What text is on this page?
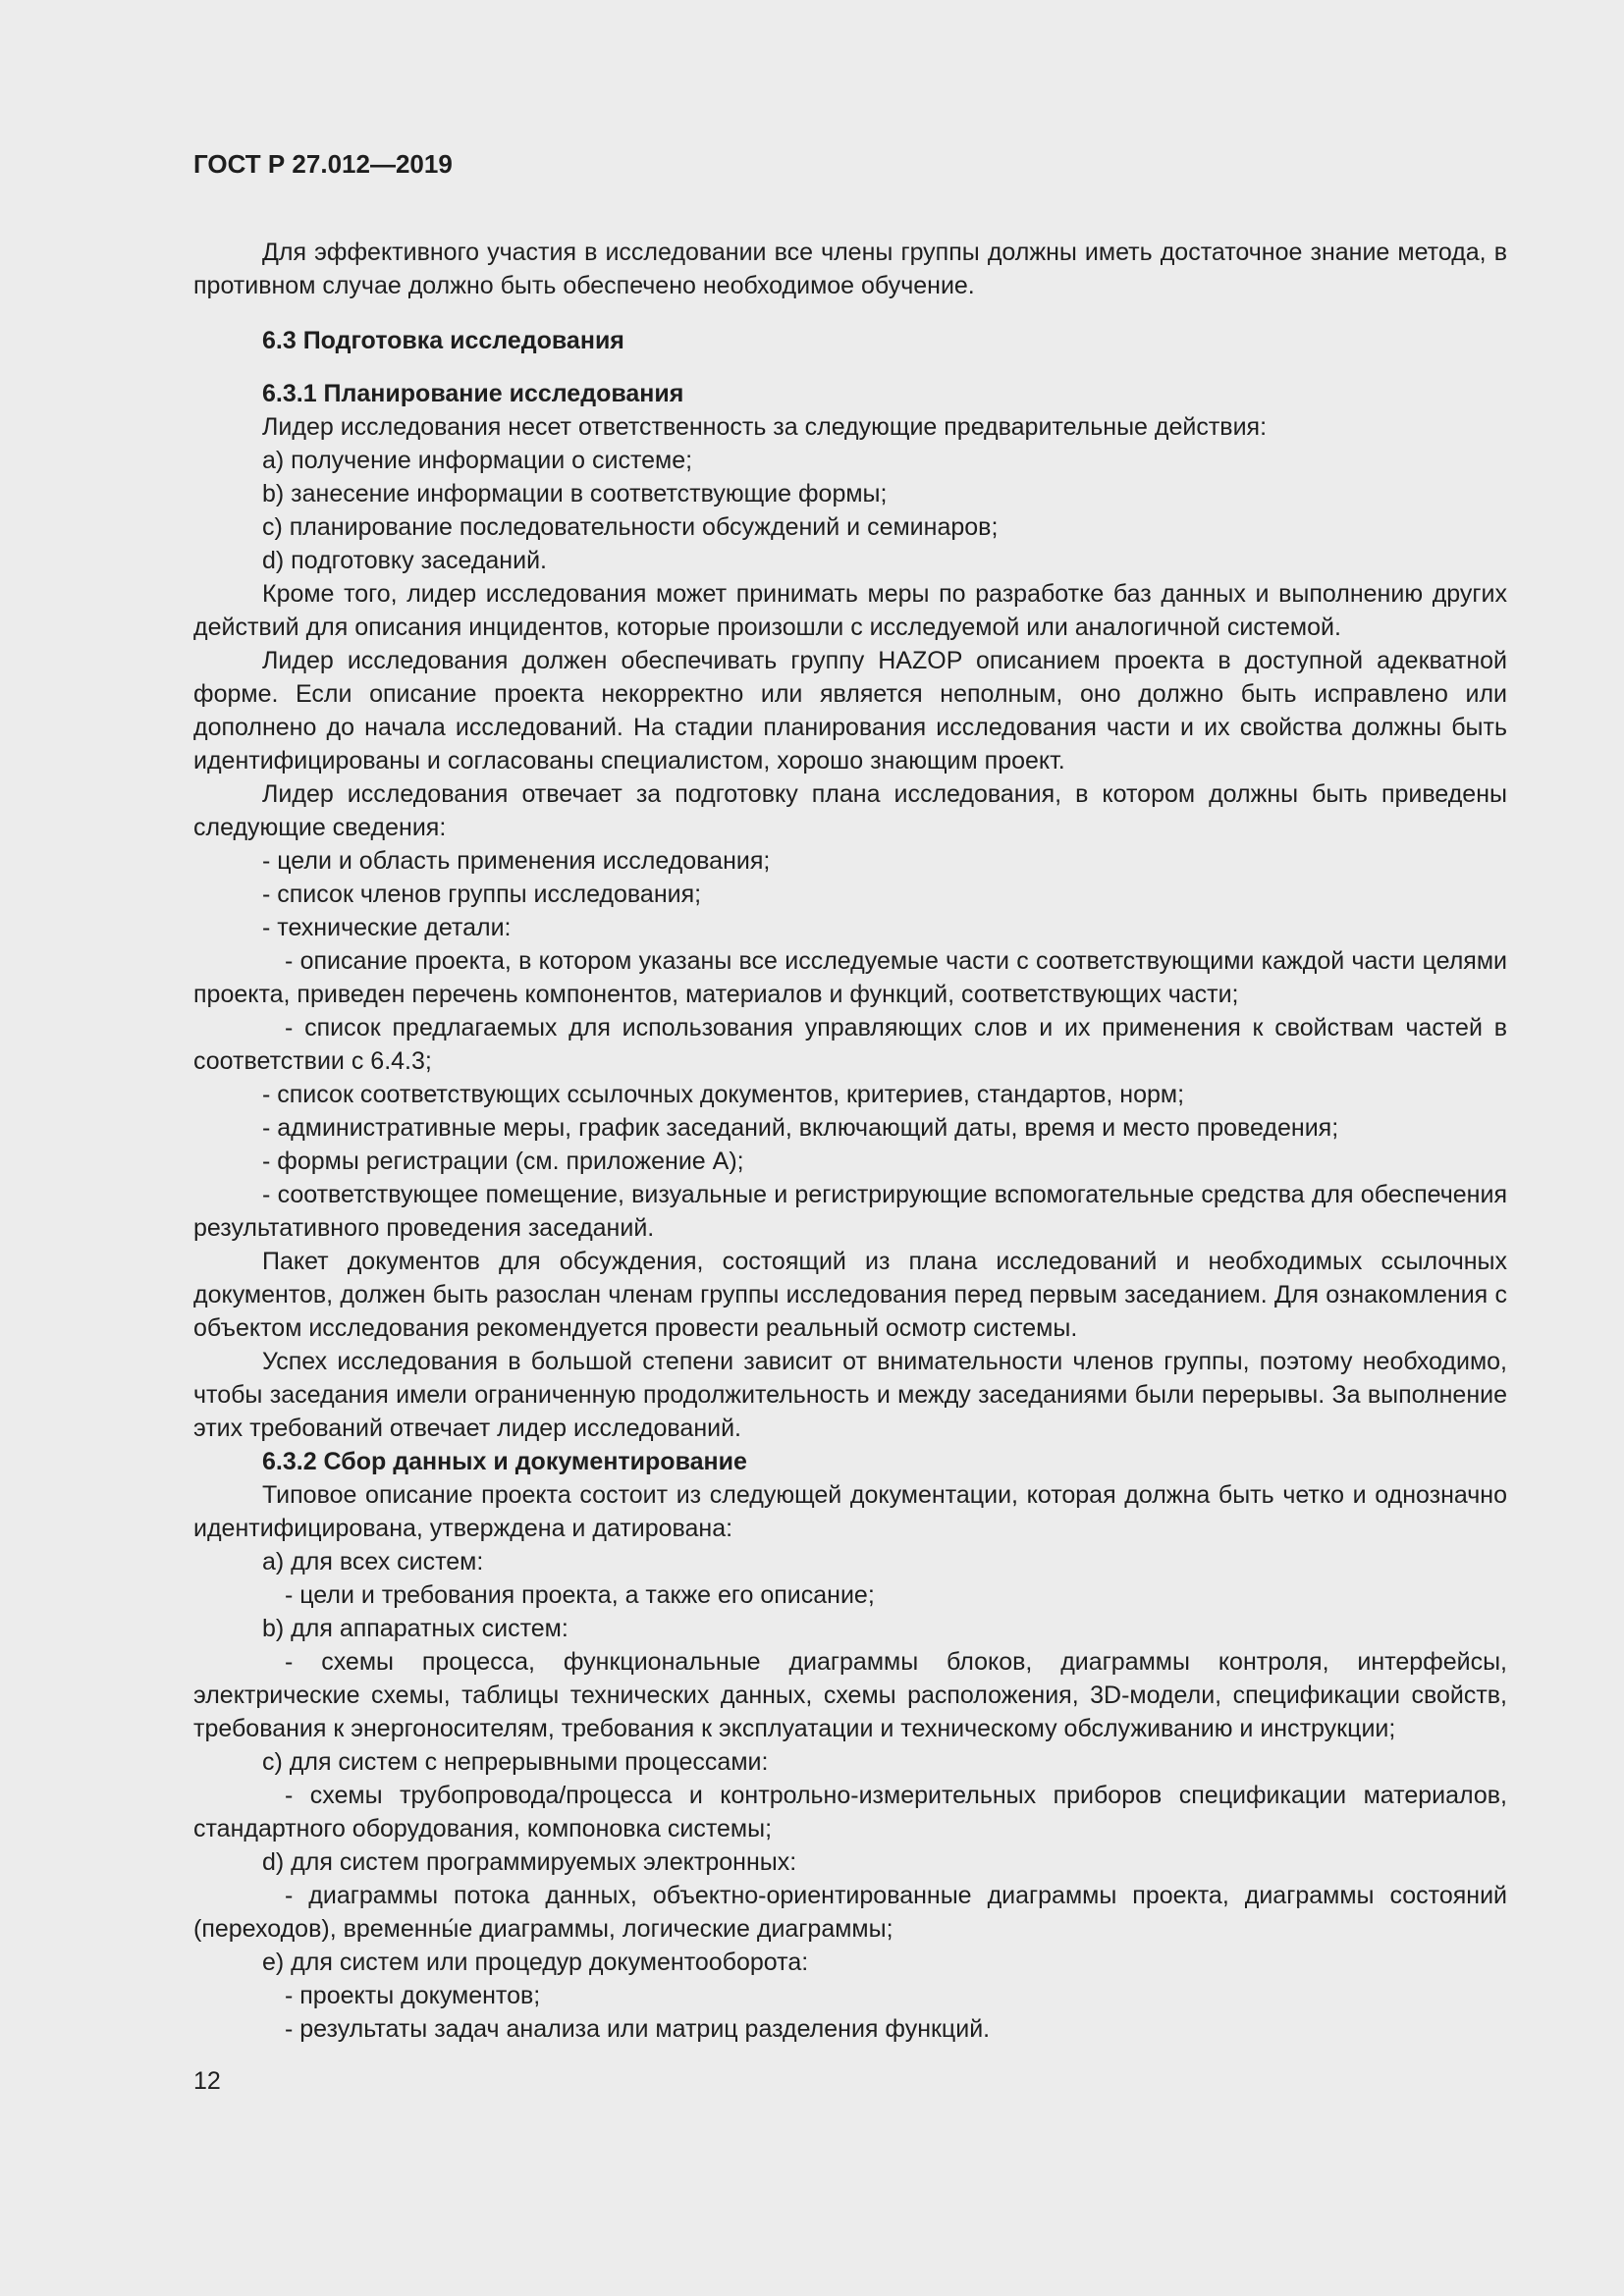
ГОСТ Р 27.012—2019

Для эффективного участия в исследовании все члены группы должны иметь достаточное знание метода, в противном случае должно быть обеспечено необходимое обучение.

6.3 Подготовка исследования
6.3.1 Планирование исследования

Лидер исследования несет ответственность за следующие предварительные действия:

a) получение информации о системе;

b) занесение информации в соответствующие формы;

c) планирование последовательности обсуждений и семинаров;

d) подготовку заседаний.

Кроме того, лидер исследования может принимать меры по разработке баз данных и выполнению других действий для описания инцидентов, которые произошли с исследуемой или аналогичной системой.

Лидер исследования должен обеспечивать группу HAZOP описанием проекта в доступной адекватной форме. Если описание проекта некорректно или является неполным, оно должно быть исправлено или дополнено до начала исследований. На стадии планирования исследования части и их свойства должны быть идентифицированы и согласованы специалистом, хорошо знающим проект.

Лидер исследования отвечает за подготовку плана исследования, в котором должны быть приведены следующие сведения:

- цели и область применения исследования;

- список членов группы исследования;

- технические детали:

- описание проекта, в котором указаны все исследуемые части с соответствующими каждой части целями проекта, приведен перечень компонентов, материалов и функций, соответствующих части;

- список предлагаемых для использования управляющих слов и их применения к свойствам частей в соответствии с 6.4.3;

- список соответствующих ссылочных документов, критериев, стандартов, норм;

- административные меры, график заседаний, включающий даты, время и место проведения;

- формы регистрации (см. приложение А);

- соответствующее помещение, визуальные и регистрирующие вспомогательные средства для обеспечения результативного проведения заседаний.

Пакет документов для обсуждения, состоящий из плана исследований и необходимых ссылочных документов, должен быть разослан членам группы исследования перед первым заседанием. Для ознакомления с объектом исследования рекомендуется провести реальный осмотр системы.

Успех исследования в большой степени зависит от внимательности членов группы, поэтому необходимо, чтобы заседания имели ограниченную продолжительность и между заседаниями были перерывы. За выполнение этих требований отвечает лидер исследований.

6.3.2 Сбор данных и документирование

Типовое описание проекта состоит из следующей документации, которая должна быть четко и однозначно идентифицирована, утверждена и датирована:

a) для всех систем:

- цели и требования проекта, а также его описание;

b) для аппаратных систем:

- схемы процесса, функциональные диаграммы блоков, диаграммы контроля, интерфейсы, электрические схемы, таблицы технических данных, схемы расположения, 3D-модели, спецификации свойств, требования к энергоносителям, требования к эксплуатации и техническому обслуживанию и инструкции;

c) для систем с непрерывными процессами:

- схемы трубопровода/процесса и контрольно-измерительных приборов спецификации материалов, стандартного оборудования, компоновка системы;

d) для систем программируемых электронных:

- диаграммы потока данных, объектно-ориентированные диаграммы проекта, диаграммы состояний (переходов), временны́е диаграммы, логические диаграммы;

e) для систем или процедур документооборота:

- проекты документов;

- результаты задач анализа или матриц разделения функций.

12
